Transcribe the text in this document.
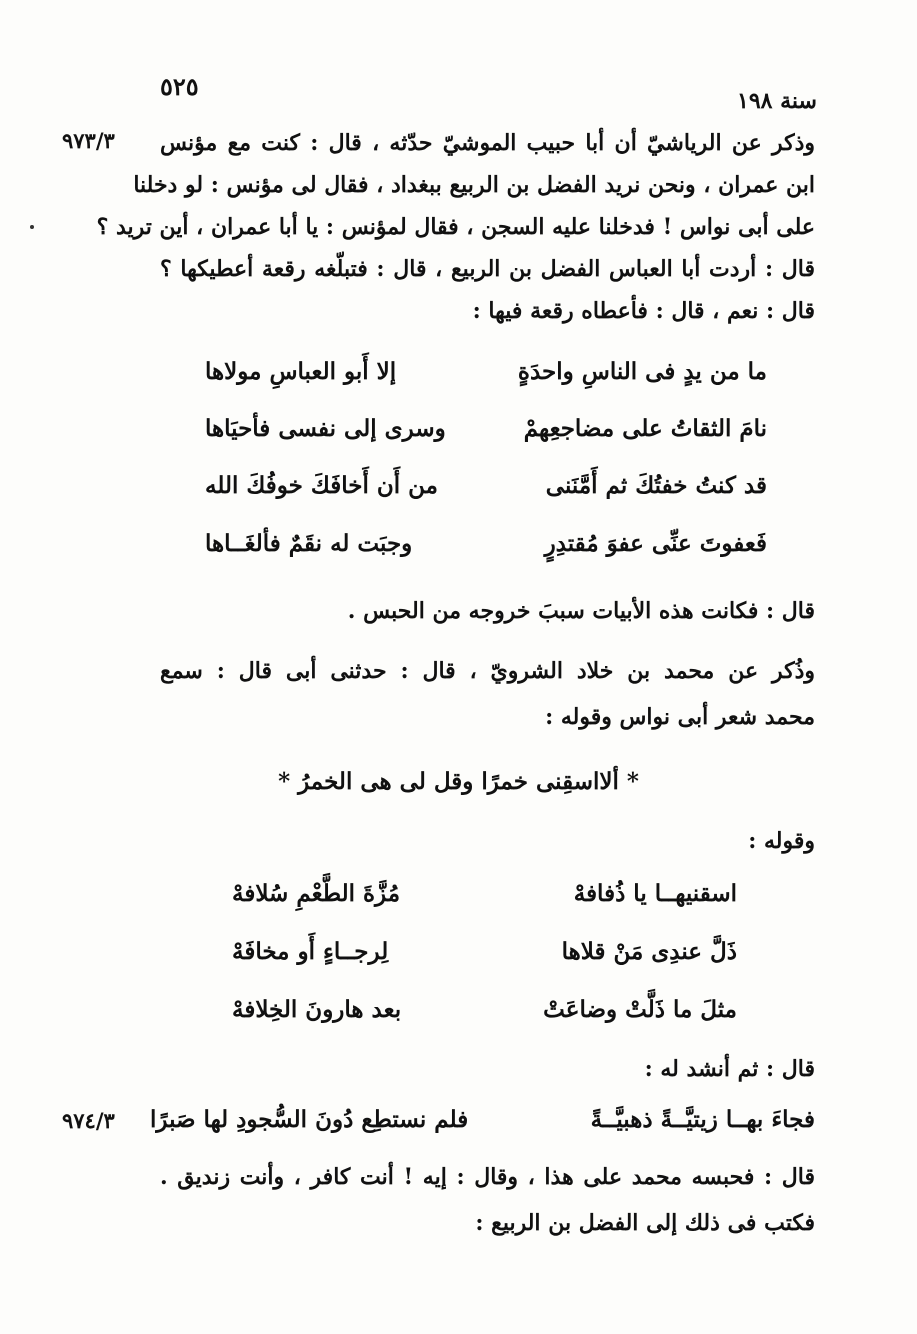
٥٢٥	سنة ١٩٨
٩٧٣/٣ وذكر عن الرياشيّ أن أبا حبيب الموشيّ حدّثه ، قال : كنت مع مؤنس
ابن عمران ، ونحن نريد الفضل بن الربيع ببغداد ، فقال لى مؤنس : لو دخلنا
على أبى نواس ! فدخلنا عليه السجن ، فقال لمؤنس : يا أبا عمران ، أين تريد ؟
قال : أردت أبا العباس الفضل بن الربيع ، قال : فتبلّغه رقعة أعطيكها ؟
قال : نعم ، قال : فأعطاه رقعة فيها :
ما من يدٍ فى الناسِ واحدَةٍ
إلا أَبو العباسِ مولاها
نامَ الثقاتُ على مضاجعِهمْ
وسرى إلى نفسى فأحيَاها
قد كنتُ خفتُكَ ثم أَمَّنَنى
من أَن أَخافَكَ خوفُكَ الله
فَعفوتَ عنِّى عفوَ مُقتدِرٍ
وجبَت له نقَمٌ فألغَــاها
قال : فكانت هذه الأبيات سببَ خروجه من الحبس .
وذُكر عن محمد بن خلاد الشرويّ ، قال : حدثنى أبى قال : سمع
محمد شعر أبى نواس وقوله :
* ألااسقِنى خمرًا وقل لى هى الخمرُ *
وقوله :
اسقنيهــا يا ذُفافهْ
مُزَّةَ الطَّعْمِ سُلافهْ
ذَلَّ عندِى مَنْ قلاها
لِرجــاءٍ أَو مخافَهْ
مثلَ ما ذَلَّتْ وضاعَتْ
بعد هارونَ الخِلافهْ
قال : ثم أنشد له :
٩٧٤/٣	فجاءَ بهــا زيتيَّــةً ذهبيَّــةً
فلم نستطِع دُونَ السُّجودِ لها صَبرًا
قال : فحبسه محمد على هذا ، وقال : إيه ! أنت كافر ، وأنت زنديق .
فكتب فى ذلك إلى الفضل بن الربيع :
